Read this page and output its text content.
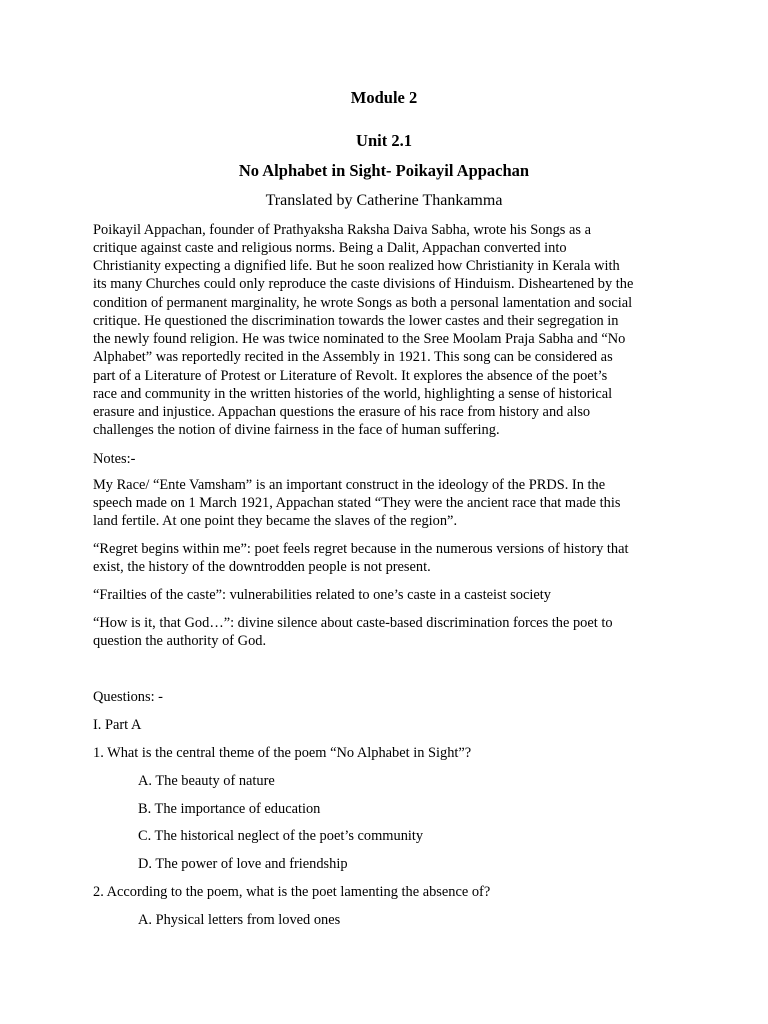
Module 2
Unit 2.1
No Alphabet in Sight- Poikayil Appachan
Translated by Catherine Thankamma
Poikayil Appachan, founder of Prathyaksha Raksha Daiva Sabha, wrote his Songs as a
critique against caste and religious norms. Being a Dalit, Appachan converted into
Christianity expecting a dignified life. But he soon realized how Christianity in Kerala with
its many Churches could only reproduce the caste divisions of Hinduism. Disheartened by the
condition of permanent marginality, he wrote Songs as both a personal lamentation and social
critique. He questioned the discrimination towards the lower castes and their segregation in
the newly found religion. He was twice nominated to the Sree Moolam Praja Sabha and “No
Alphabet” was reportedly recited in the Assembly in 1921. This song can be considered as
part of a Literature of Protest or Literature of Revolt. It explores the absence of the poet’s
race and community in the written histories of the world, highlighting a sense of historical
erasure and injustice. Appachan questions the erasure of his race from history and also
challenges the notion of divine fairness in the face of human suffering.
Notes:-
My Race/ “Ente Vamsham” is an important construct in the ideology of the PRDS. In the
speech made on 1 March 1921, Appachan stated “They were the ancient race that made this
land fertile. At one point they became the slaves of the region”.
“Regret begins within me”: poet feels regret because in the numerous versions of history that
exist, the history of the downtrodden people is not present.
“Frailties of the caste”: vulnerabilities related to one’s caste in a casteist society
“How is it, that God…”: divine silence about caste-based discrimination forces the poet to
question the authority of God.
Questions: -
I. Part A
1. What is the central theme of the poem “No Alphabet in Sight”?
A. The beauty of nature
B. The importance of education
C. The historical neglect of the poet’s community
D. The power of love and friendship
2. According to the poem, what is the poet lamenting the absence of?
A. Physical letters from loved ones
